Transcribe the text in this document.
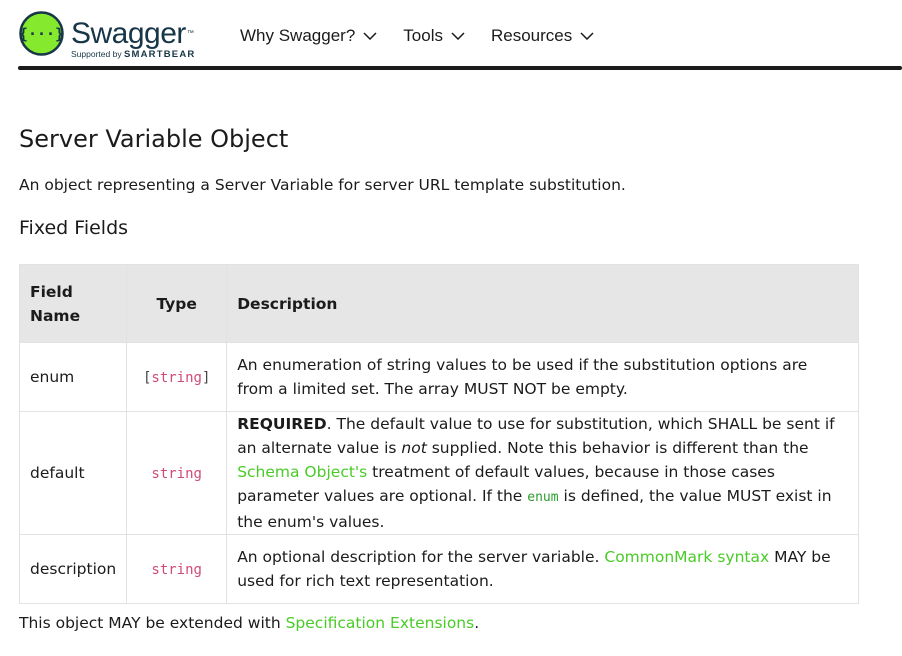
{···} Swagger™
Supported by SMARTBEAR
Why Swagger?	Tools	Resources
Server Variable Object
An object representing a Server Variable for server URL template substitution.
Fixed Fields
Field Name	Type	Description
enum	[string]	An enumeration of string values to be used if the substitution options are from a limited set. The array MUST NOT be empty.
default	string	REQUIRED. The default value to use for substitution, which SHALL be sent if an alternate value is not supplied. Note this behavior is different than the Schema Object's treatment of default values, because in those cases parameter values are optional. If the enum is defined, the value MUST exist in the enum's values.
description	string	An optional description for the server variable. CommonMark syntax MAY be used for rich text representation.
This object MAY be extended with Specification Extensions.
